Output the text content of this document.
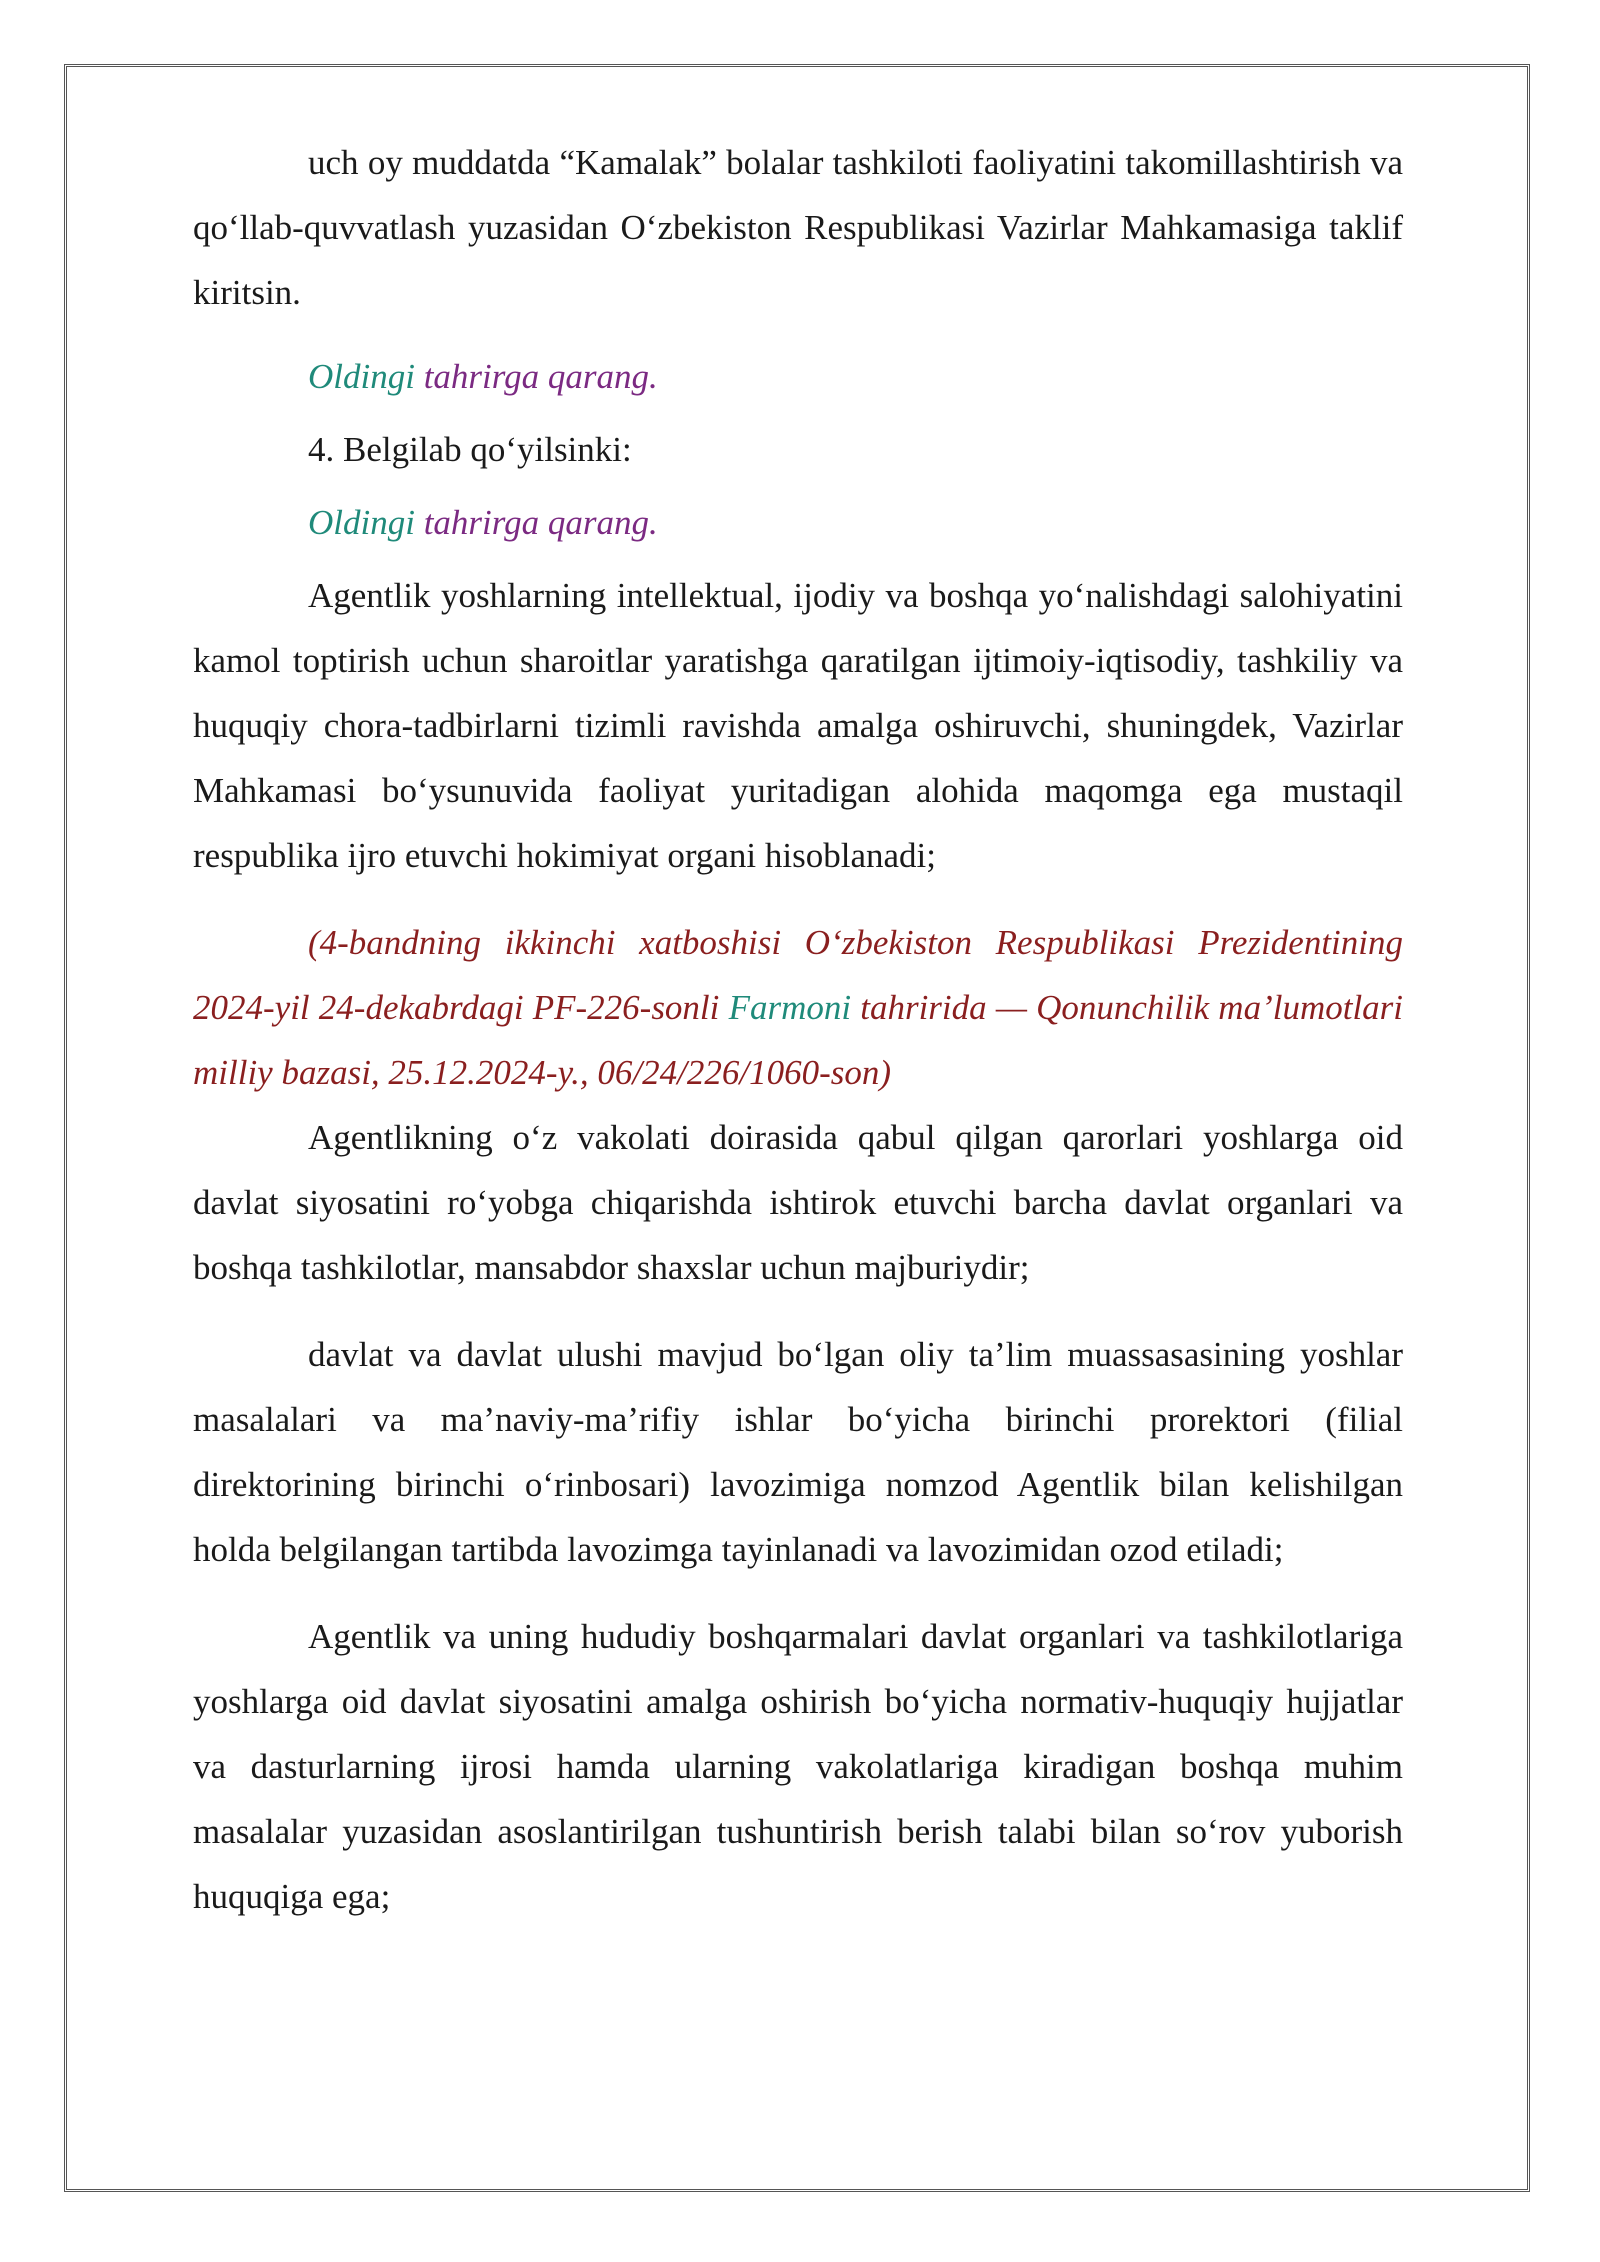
uch oy muddatda “Kamalak” bolalar tashkiloti faoliyatini takomillashtirish va qo‘llab-quvvatlash yuzasidan O‘zbekiston Respublikasi Vazirlar Mahkamasiga taklif kiritsin.

Oldingi tahrirga qarang.

4. Belgilab qo‘yilsinki:

Oldingi tahrirga qarang.

Agentlik yoshlarning intellektual, ijodiy va boshqa yo‘nalishdagi salohiyatini kamol toptirish uchun sharoitlar yaratishga qaratilgan ijtimoiy-iqtisodiy, tashkiliy va huquqiy chora-tadbirlarni tizimli ravishda amalga oshiruvchi, shuningdek, Vazirlar Mahkamasi bo‘ysunuvida faoliyat yuritadigan alohida maqomga ega mustaqil respublika ijro etuvchi hokimiyat organi hisoblanadi;

(4-bandning ikkinchi xatboshisi O‘zbekiston Respublikasi Prezidentining 2024-yil 24-dekabrdagi PF-226-sonli Farmoni tahririda — Qonunchilik ma’lumotlari milliy bazasi, 25.12.2024-y., 06/24/226/1060-son)

Agentlikning o‘z vakolati doirasida qabul qilgan qarorlari yoshlarga oid davlat siyosatini ro‘yobga chiqarishda ishtirok etuvchi barcha davlat organlari va boshqa tashkilotlar, mansabdor shaxslar uchun majburiydir;

davlat va davlat ulushi mavjud bo‘lgan oliy ta’lim muassasasining yoshlar masalalari va ma’naviy-ma’rifiy ishlar bo‘yicha birinchi prorektori (filial direktorining birinchi o‘rinbosari) lavozimiga nomzod Agentlik bilan kelishilgan holda belgilangan tartibda lavozimga tayinlanadi va lavozimidan ozod etiladi;

Agentlik va uning hududiy boshqarmalari davlat organlari va tashkilotlariga yoshlarga oid davlat siyosatini amalga oshirish bo‘yicha normativ-huquqiy hujjatlar va dasturlarning ijrosi hamda ularning vakolatlariga kiradigan boshqa muhim masalalar yuzasidan asoslantirilgan tushuntirish berish talabi bilan so‘rov yuborish huquqiga ega;
